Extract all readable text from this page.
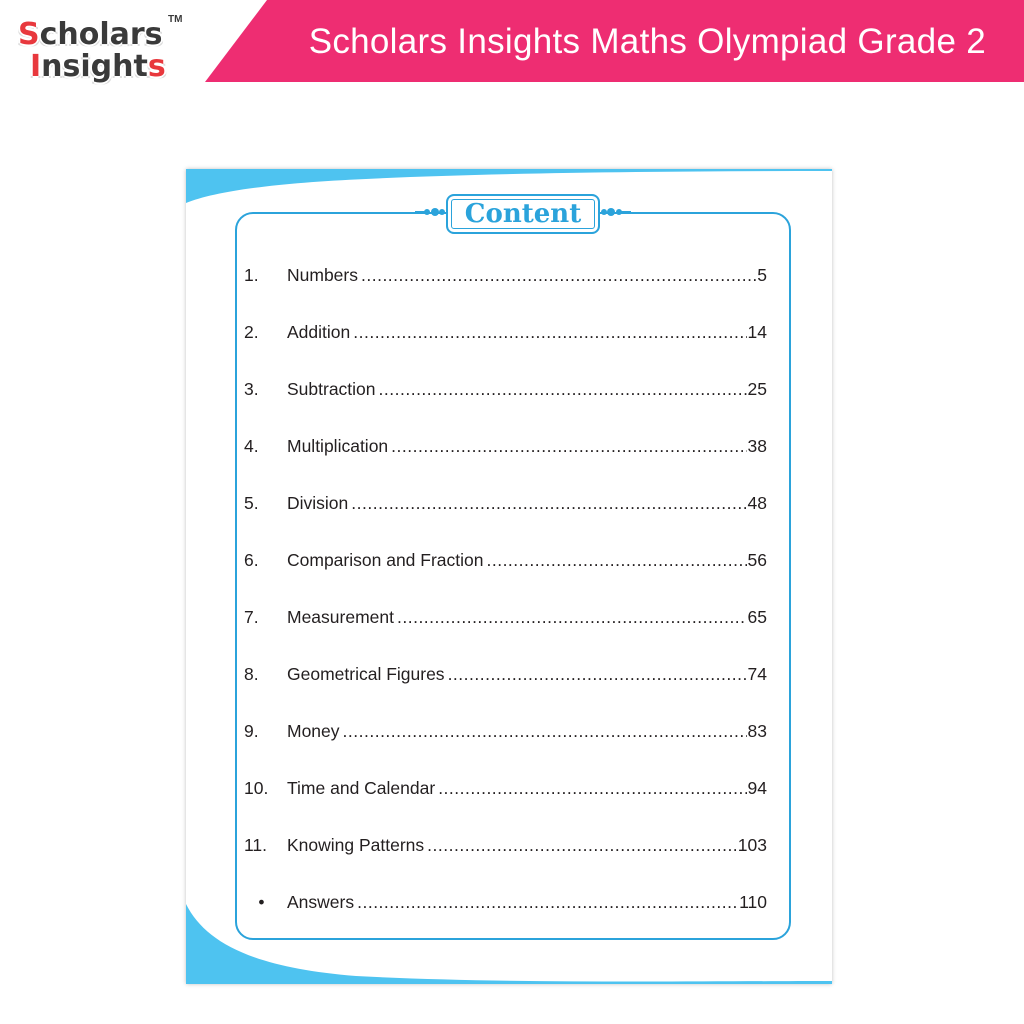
Scholars
Insights
TM
Scholars Insights Maths Olympiad Grade 2
Content
1.	Numbers .....	5
2.	Addition .....	14
3.	Subtraction .....	25
4.	Multiplication .....	38
5.	Division .....	48
6.	Comparison and Fraction .....	56
7.	Measurement .....	65
8.	Geometrical Figures .....	74
9.	Money .....	83
10.	Time and Calendar .....	94
11.	Knowing Patterns .....	103
•	Answers .....	110
